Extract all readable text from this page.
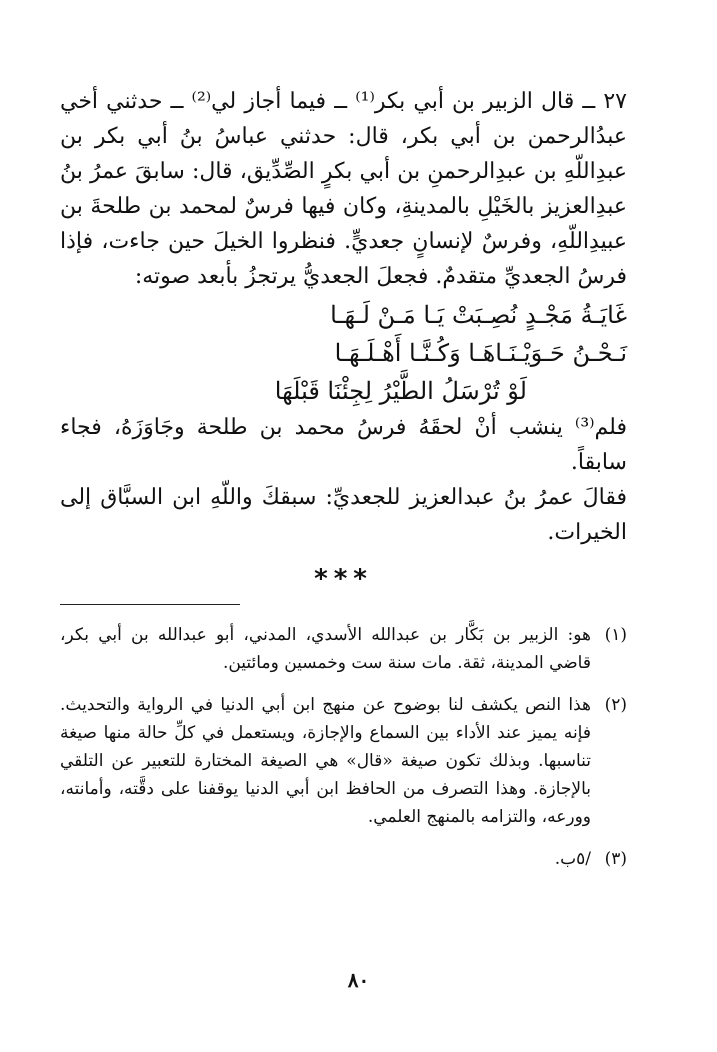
٢٧ ــ قال الزبير بن أبي بكر⁽¹⁾ ــ فيما أجاز لي⁽²⁾ ــ حدثني أخي عبدُالرحمن بن أبي بكر، قال: حدثني عباسُ بنُ أبي بكر بن عبدِاللّهِ بن عبدِالرحمنِ بن أبي بكرٍ الصِّدِّيق، قال: سابقَ عمرُ بنُ عبدِالعزيز بالخَيْلِ بالمدينةِ، وكان فيها فرسٌ لمحمد بن طلحةَ بن عبيدِاللّهِ، وفرسٌ لإنسانٍ جعديٍّ. فنظروا الخيلَ حين جاءت، فإذا فرسُ الجعديِّ متقدمٌ. فجعلَ الجعديُّ يرتجزُ بأبعد صوته:

غَايَـةُ مَجْـدٍ نُصِـبَتْ يَـا مَـنْ لَـهَـا
نَـحْـنُ حَـوَيْـنَـاهَـا وَكُـنَّـا أَهْـلَـهَـا
لَوْ تُرْسَلُ الطَّيْرُ لِجِئْنَا قَبْلَهَا

فلم⁽³⁾ ينشب أنْ لحقَهُ فرسُ محمد بن طلحة وجَاوَزَهُ، فجاء سابقاً.

فقالَ عمرُ بنُ عبدالعزيز للجعديِّ: سبقكَ واللّهِ ابن السبَّاق إلى الخيرات.

***
(١)
هو: الزبير بن بَكَّار بن عبدالله الأسدي، المدني، أبو عبدالله بن أبي بكر، قاضي المدينة، ثقة. مات سنة ست وخمسين ومائتين.
(٢)
هذا النص يكشف لنا بوضوح عن منهج ابن أبي الدنيا في الرواية والتحديث. فإنه يميز عند الأداء بين السماع والإجازة، ويستعمل في كلِّ حالة منها صيغة تناسبها. وبذلك تكون صيغة «قال» هي الصيغة المختارة للتعبير عن التلقي بالإجازة. وهذا التصرف من الحافظ ابن أبي الدنيا يوقفنا على دقَّته، وأمانته، وورعه، والتزامه بالمنهج العلمي.
(٣)
/٥ب.
٨٠
